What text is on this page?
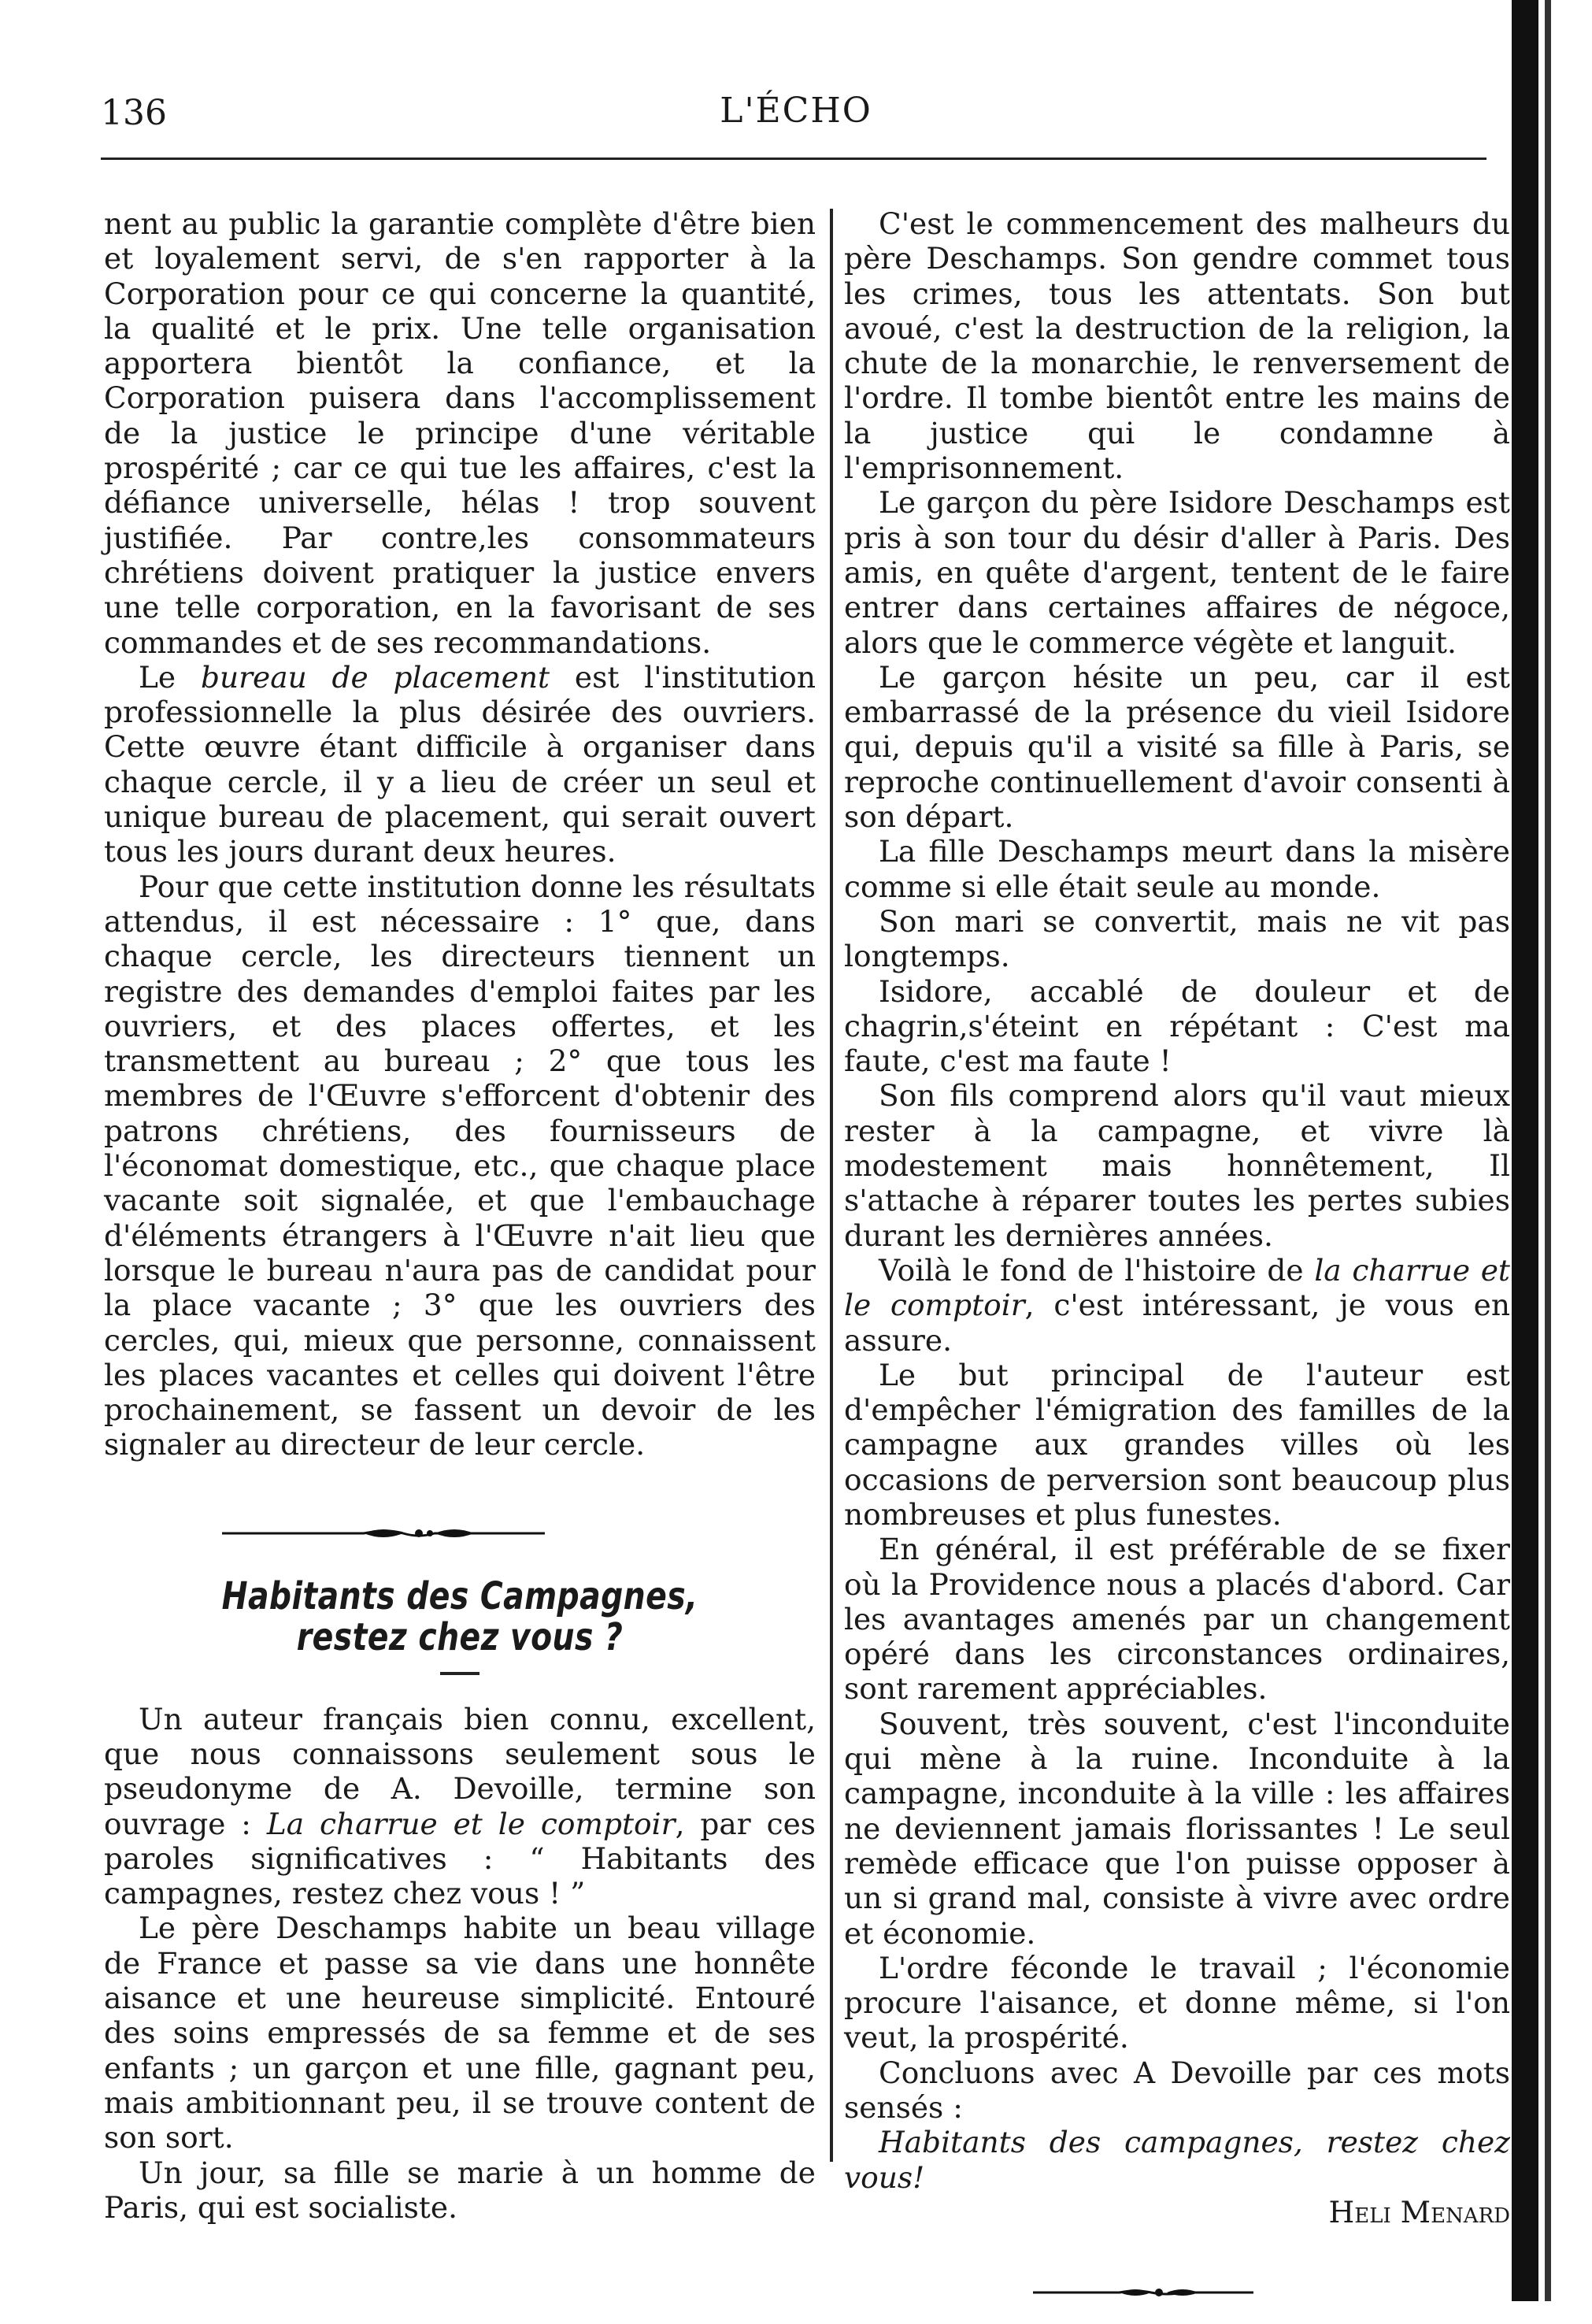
136	L'ÉCHO

nent au public la garantie complète d'être bien et loyalement servi, de s'en rapporter à la Corporation pour ce qui concerne la quantité, la qualité et le prix. Une telle organisation apportera bientôt la confiance, et la Corporation puisera dans l'accomplissement de la justice le principe d'une véritable prospérité ; car ce qui tue les affaires, c'est la défiance universelle, hélas ! trop souvent justifiée. Par contre,les consommateurs chrétiens doivent pratiquer la justice envers une telle corporation, en la favorisant de ses commandes et de ses recommandations.

Le bureau de placement est l'institution professionnelle la plus désirée des ouvriers. Cette œuvre étant difficile à organiser dans chaque cercle, il y a lieu de créer un seul et unique bureau de placement, qui serait ouvert tous les jours durant deux heures.

Pour que cette institution donne les résultats attendus, il est nécessaire : 1° que, dans chaque cercle, les directeurs tiennent un registre des demandes d'emploi faites par les ouvriers, et des places offertes, et les transmettent au bureau ; 2° que tous les membres de l'Œuvre s'efforcent d'obtenir des patrons chrétiens, des fournisseurs de l'économat domestique, etc., que chaque place vacante soit signalée, et que l'embauchage d'éléments étrangers à l'Œuvre n'ait lieu que lorsque le bureau n'aura pas de candidat pour la place vacante ; 3° que les ouvriers des cercles, qui, mieux que personne, connaissent les places vacantes et celles qui doivent l'être prochainement, se fassent un devoir de les signaler au directeur de leur cercle.

Habitants des Campagnes, restez chez vous ?

Un auteur français bien connu, excellent, que nous connaissons seulement sous le pseudonyme de A. Devoille, termine son ouvrage : La charrue et le comptoir, par ces paroles significatives : “ Habitants des campagnes, restez chez vous ! ”

Le père Deschamps habite un beau village de France et passe sa vie dans une honnête aisance et une heureuse simplicité. Entouré des soins empressés de sa femme et de ses enfants ; un garçon et une fille, gagnant peu, mais ambitionnant peu, il se trouve content de son sort.

Un jour, sa fille se marie à un homme de Paris, qui est socialiste.

C'est le commencement des malheurs du père Deschamps. Son gendre commet tous les crimes, tous les attentats. Son but avoué, c'est la destruction de la religion, la chute de la monarchie, le renversement de l'ordre. Il tombe bientôt entre les mains de la justice qui le condamne à l'emprisonnement.

Le garçon du père Isidore Deschamps est pris à son tour du désir d'aller à Paris. Des amis, en quête d'argent, tentent de le faire entrer dans certaines affaires de négoce, alors que le commerce végète et languit.

Le garçon hésite un peu, car il est embarrassé de la présence du vieil Isidore qui, depuis qu'il a visité sa fille à Paris, se reproche continuellement d'avoir consenti à son départ.

La fille Deschamps meurt dans la misère comme si elle était seule au monde.

Son mari se convertit, mais ne vit pas longtemps.

Isidore, accablé de douleur et de chagrin,s'éteint en répétant : C'est ma faute, c'est ma faute !

Son fils comprend alors qu'il vaut mieux rester à la campagne, et vivre là modestement mais honnêtement, Il s'attache à réparer toutes les pertes subies durant les dernières années.

Voilà le fond de l'histoire de la charrue et le comptoir, c'est intéressant, je vous en assure.

Le but principal de l'auteur est d'empêcher l'émigration des familles de la campagne aux grandes villes où les occasions de perversion sont beaucoup plus nombreuses et plus funestes.

En général, il est préférable de se fixer où la Providence nous a placés d'abord. Car les avantages amenés par un changement opéré dans les circonstances ordinaires, sont rarement appréciables.

Souvent, très souvent, c'est l'inconduite qui mène à la ruine. Inconduite à la campagne, inconduite à la ville : les affaires ne deviennent jamais florissantes ! Le seul remède efficace que l'on puisse opposer à un si grand mal, consiste à vivre avec ordre et économie.

L'ordre féconde le travail ; l'économie procure l'aisance, et donne même, si l'on veut, la prospérité.

Concluons avec A Devoille par ces mots sensés :

Habitants des campagnes, restez chez vous!

Heli Menard
